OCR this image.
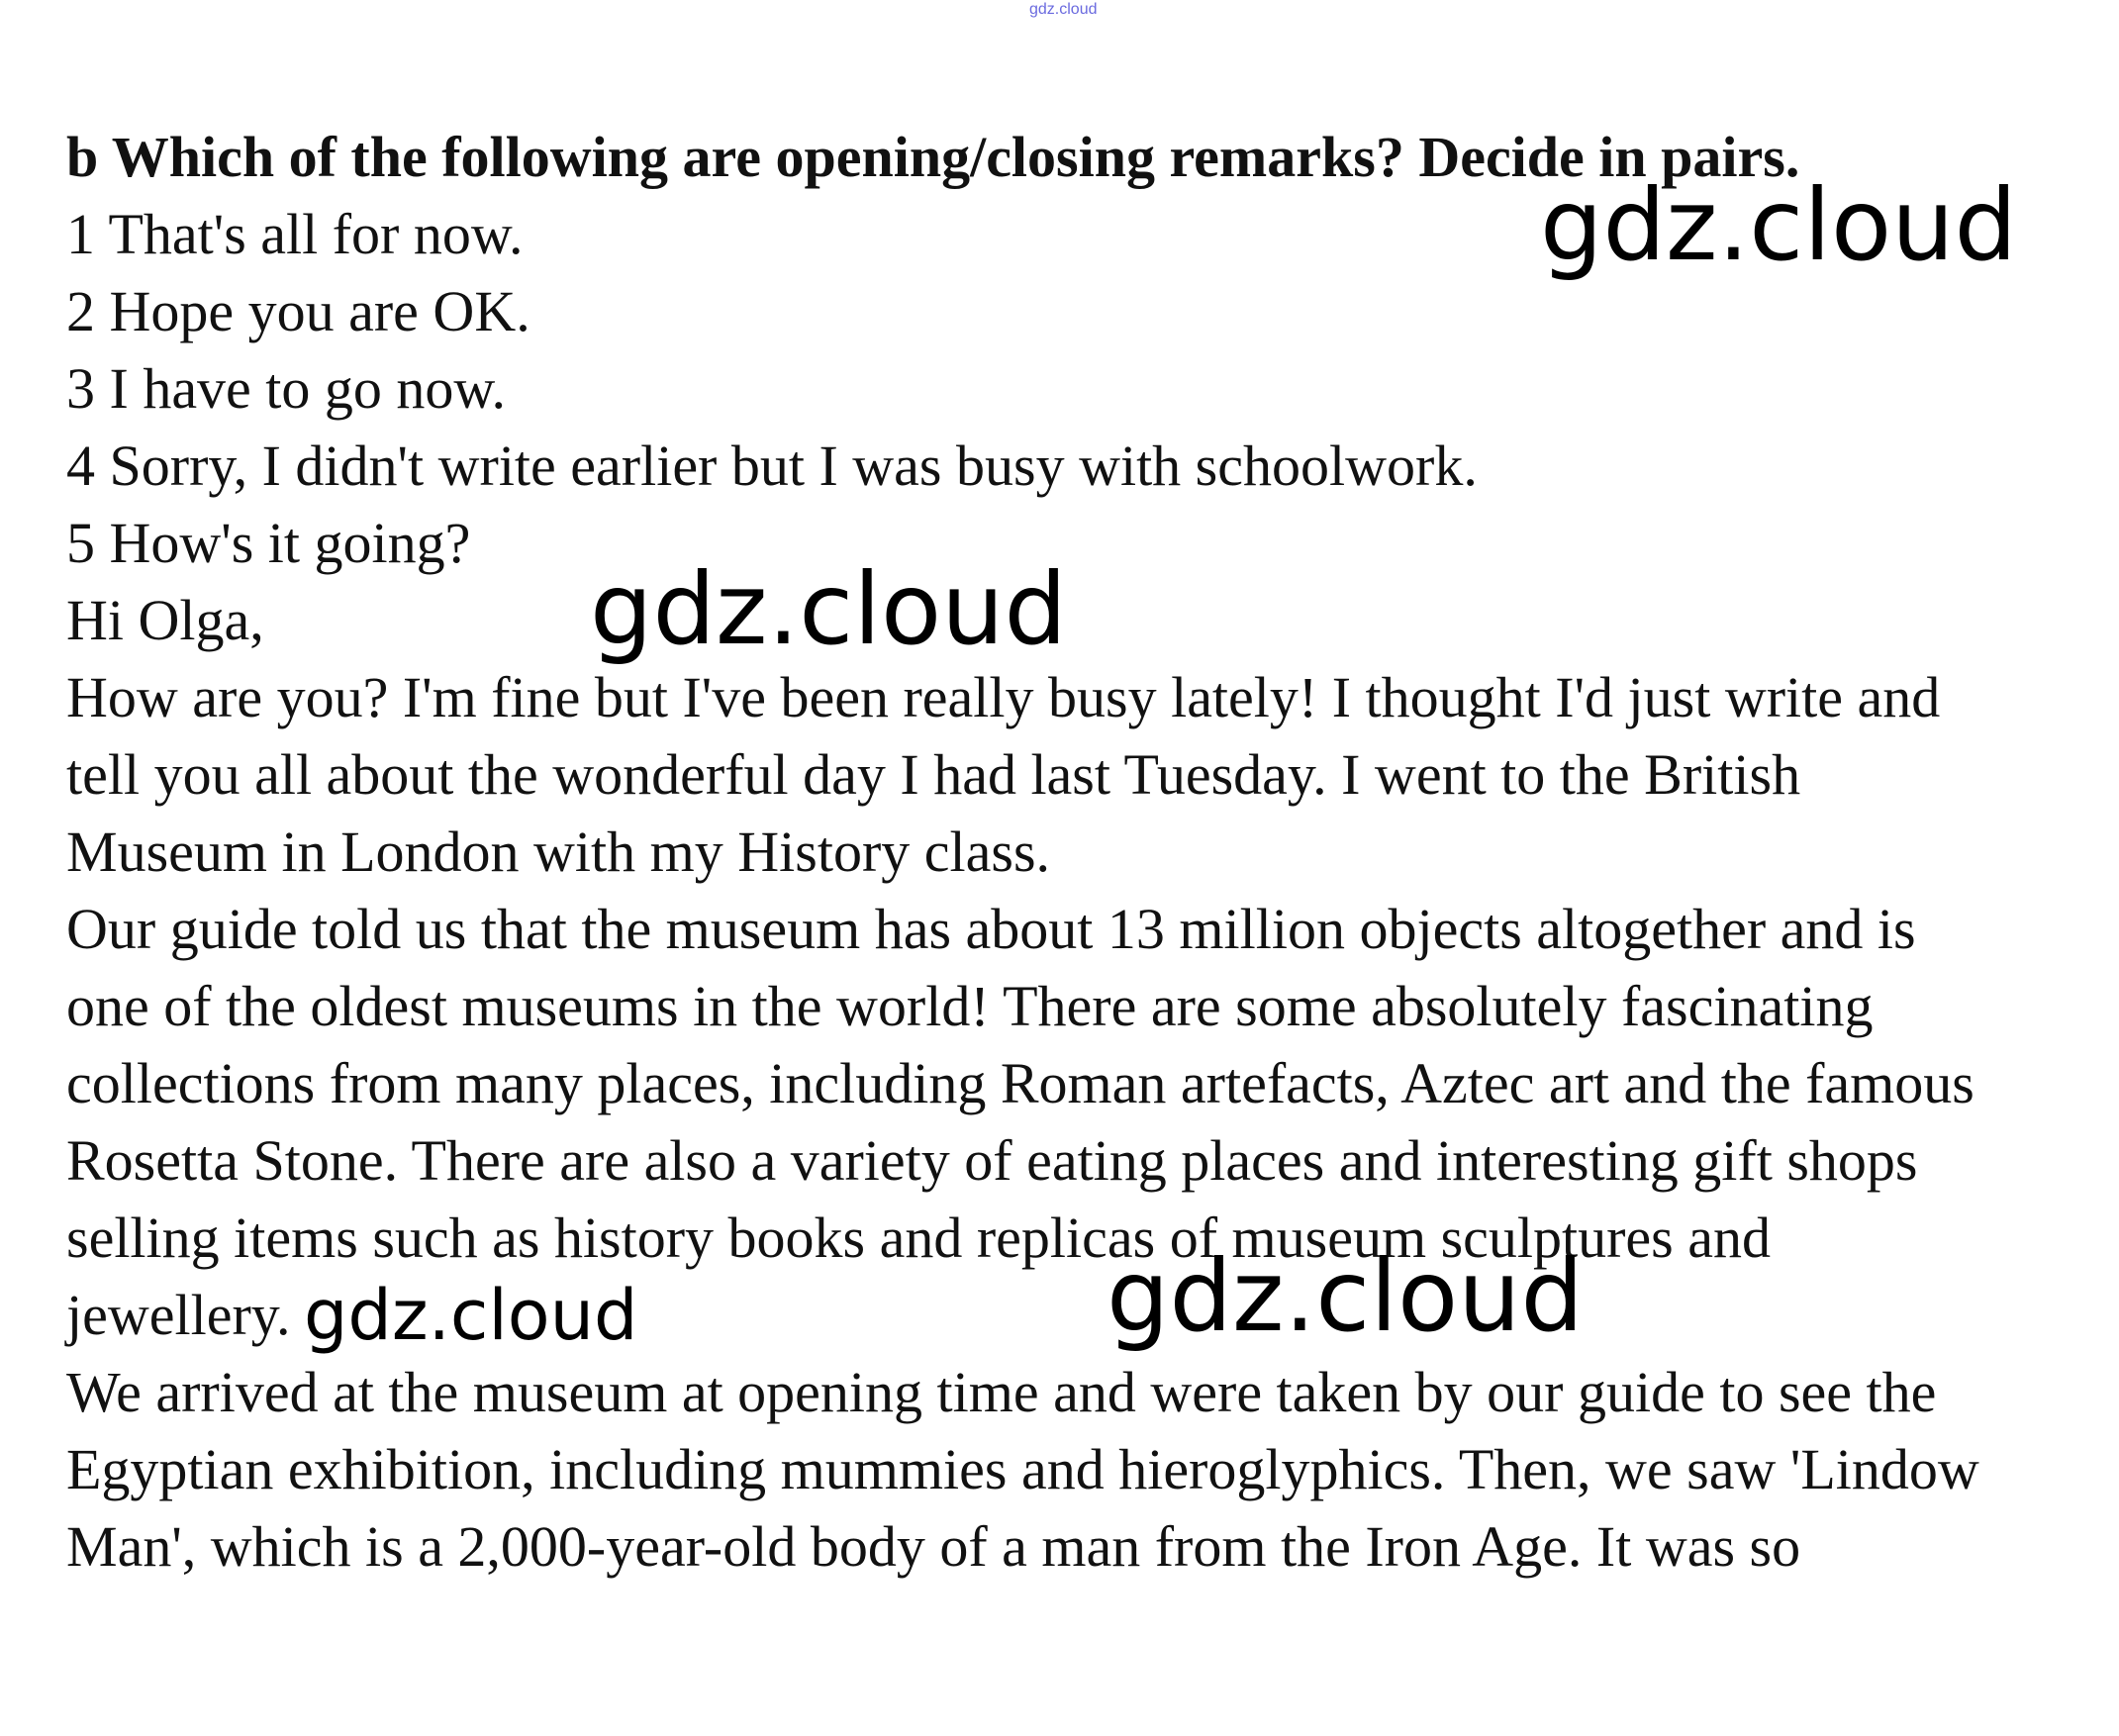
gdz.cloud

b Which of the following are opening/closing remarks? Decide in pairs.

1 That's all for now.

2 Hope you are OK.

3 I have to go now.

4 Sorry, I didn't write earlier but I was busy with schoolwork.

5 How's it going?

Hi Olga,

How are you? I'm fine but I've been really busy lately! I thought I'd just write and

tell you all about the wonderful day I had last Tuesday. I went to the British

Museum in London with my History class.

Our guide told us that the museum has about 13 million objects altogether and is

one of the oldest museums in the world! There are some absolutely fascinating

collections from many places, including Roman artefacts, Aztec art and the famous

Rosetta Stone. There are also a variety of eating places and interesting gift shops

selling items such as history books and replicas of museum sculptures and

jewellery.

We arrived at the museum at opening time and were taken by our guide to see the

Egyptian exhibition, including mummies and hieroglyphics. Then, we saw 'Lindow

Man', which is a 2,000-year-old body of a man from the Iron Age. It was so

gdz.cloud
gdz.cloud
gdz.cloud	gdz.cloud
